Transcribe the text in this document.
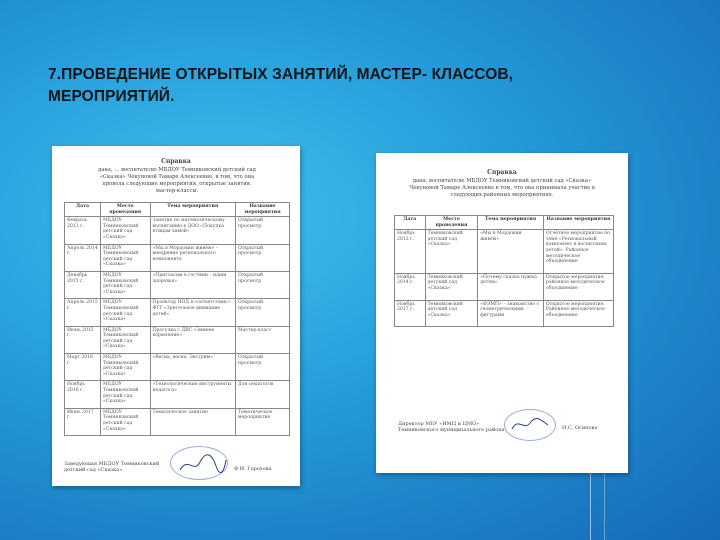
7.ПРОВЕДЕНИЕ ОТКРЫТЫХ ЗАНЯТИЙ, МАСТЕР- КЛАССОВ, МЕРОПРИЯТИЙ.
Справка
дана, … воспитателю МБДОУ Темниковский детский сад «Сказка» Чекуновой Тамаре Алексеевне, в том, что она провела следующие мероприятия, открытые занятия, мастер-классы.
Дата	Место проведения	Тема мероприятия	Название мероприятия
Февраль 2013 г.	МБДОУ Темниковский детский сад «Сказка»	Занятие по математическому воспитанию в ДОО «Покупка птицам зимой»	Открытый просмотр
Апрель 2014 г.	МБДОУ Темниковский детский сад «Сказка»	«Мы в Мордовии живём» - внедрение регионального компонента	Открытый просмотр
Декабрь 2015 г.	МБДОУ Темниковский детский сад «Сказка»	«Пригласим в гостями – наши здоровья»	Открытый просмотр
Апрель 2015 г.	МБДОУ Темниковский детский сад «Сказка»	Проектор НОД в соответствии с ФГТ «Зрительное внимание детей»	Открытый просмотр
Июнь 2015 г.	МБДОУ Темниковский детский сад «Сказка»	Прогулка с ДВС «Зимнее кормление»	Мастер-класс
Март 2016 г.	МБДОУ Темниковский детский сад «Сказка»	«Весна, весна, Экстрим»	Открытый просмотр
Ноябрь 2016 г.	МБДОУ Темниковский детский сад «Сказка»	«Технологические инструменты педагога»	Для педагогов
Июнь 2017 г.	МБДОУ Темниковский детский сад «Сказка»	Тематическое занятие	Тематическое мероприятие
Заведующая МБДОУ Темниковский детский сад «Сказка»	Ф.И. Горохова
Справка
дана, воспитателю МБДОУ Темниковский детский сад «Сказка» Чекуновой Тамаре Алексеевне в том, что она принимала участие в следующих районных мероприятиях.
Дата	Место проведения	Тема мероприятия	Название мероприятия
Ноябрь 2013 г.	Темниковский детский сад «Сказка»	«Мы в Мордовии живём»	Отчётное мероприятие по теме «Региональный компонент в воспитании детей». Районное методическое объединение
Ноябрь 2014 г.	Темниковский детский сад «Сказка»	«Почему сказка нужна детям»	Открытое мероприятие, районное методическое объединение
Ноябрь 2017 г.	Темниковский детский сад «Сказка»	«ФЭМП» – знакомство с геометрическими фигурами	Открытое мероприятие. Районное методическое объединение
Директор МБУ «ИМЦ и ЦМО» Темниковского муниципального района	Н.С. Осипова
